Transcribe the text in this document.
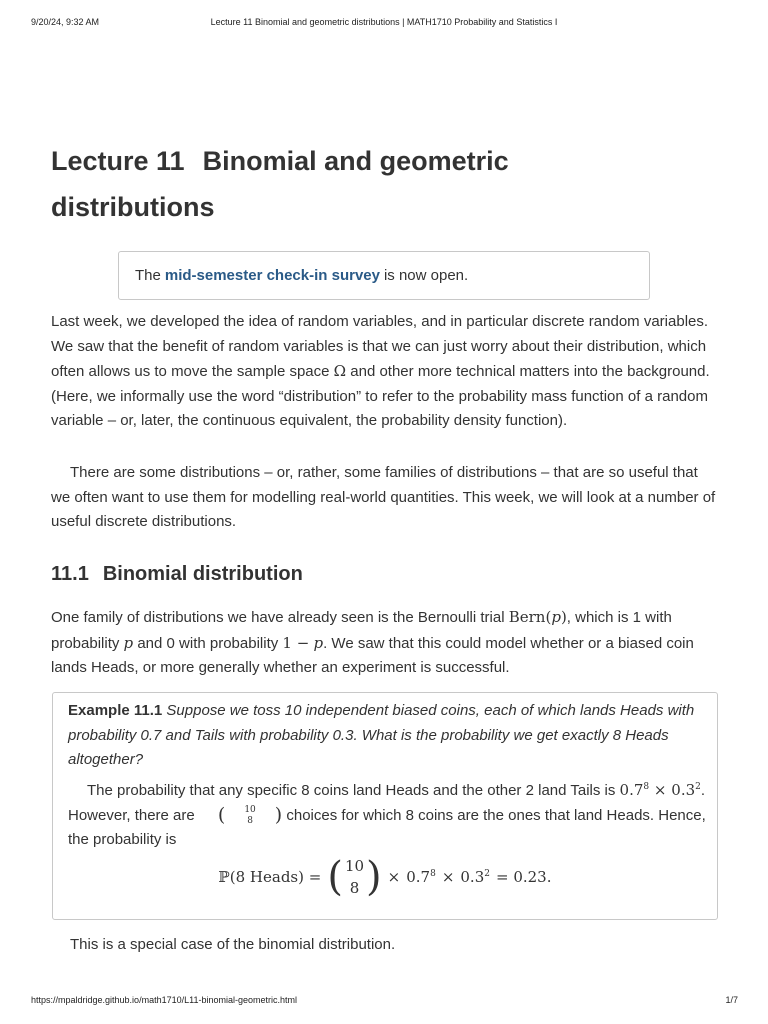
9/20/24, 9:32 AM	Lecture 11 Binomial and geometric distributions | MATH1710 Probability and Statistics I
Lecture 11 Binomial and geometric distributions
The mid-semester check-in survey is now open.

Last week, we developed the idea of random variables, and in particular discrete random variables. We saw that the benefit of random variables is that we can just worry about their distribution, which often allows us to move the sample space Ω and other more technical matters into the background. (Here, we informally use the word “distribution” to refer to the probability mass function of a random variable – or, later, the continuous equivalent, the probability density function).

There are some distributions – or, rather, some families of distributions – that are so useful that we often want to use them for modelling real-world quantities. This week, we will look at a number of useful discrete distributions.

11.1 Binomial distribution

One family of distributions we have already seen is the Bernoulli trial Bern(p), which is 1 with probability p and 0 with probability 1 − p. We saw that this could model whether or a biased coin lands Heads, or more generally whether an experiment is successful.

Example 11.1 Suppose we toss 10 independent biased coins, each of which lands Heads with probability 0.7 and Tails with probability 0.3. What is the probability we get exactly 8 Heads altogether?

The probability that any specific 8 coins land Heads and the other 2 land Tails is $0.7^8 \times 0.3^2$. However, there are	(	10
8	) choices for which 8 coins are the ones that land Heads. Hence, the probability is

ℙ(8 Heads) = ( 10
8 ) × $0.7^8 \times 0.3^2 = 0.23$.

This is a special case of the binomial distribution.

https://mpaldridge.github.io/math1710/L11-binomial-geometric.html	1/7
